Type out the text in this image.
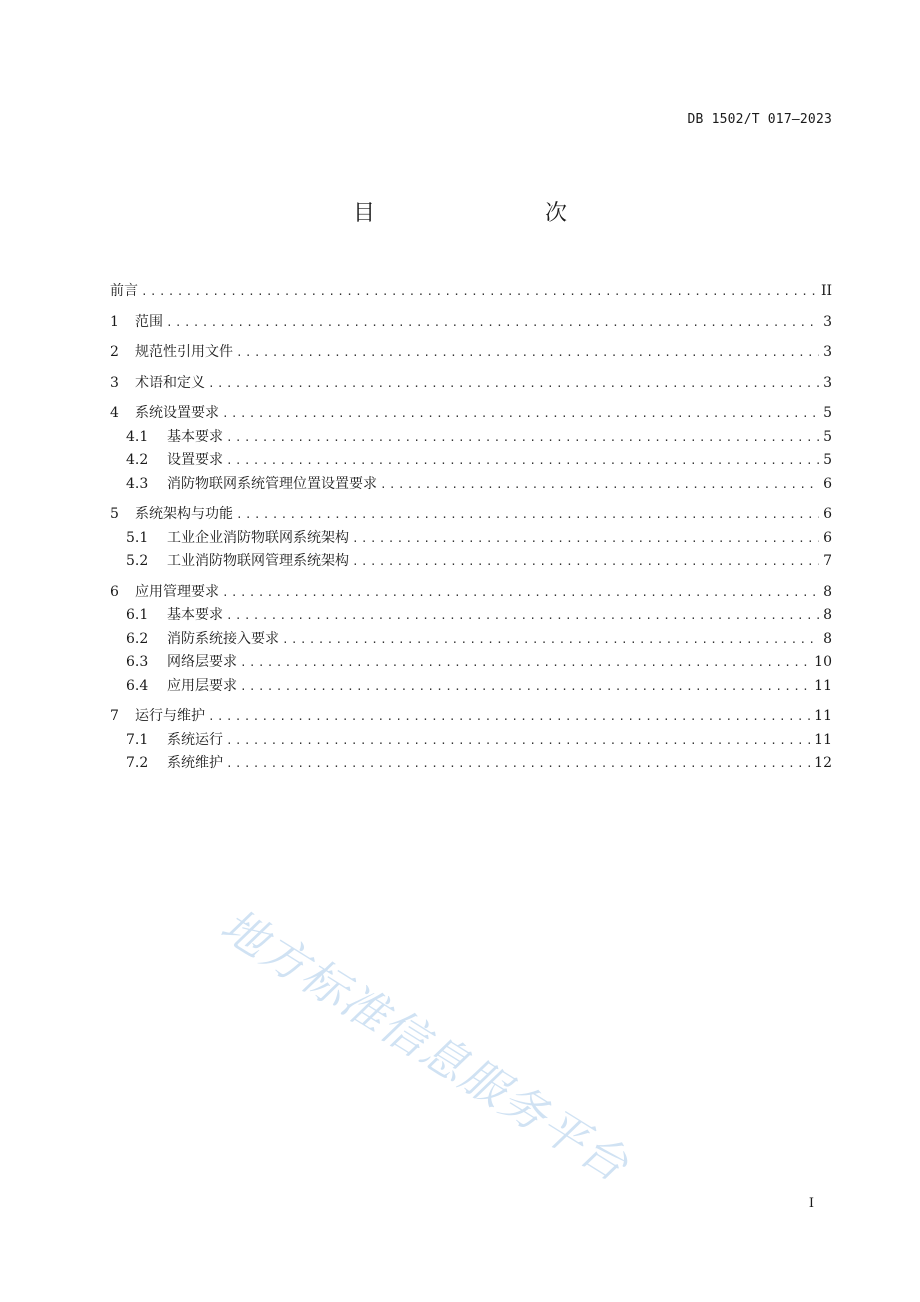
DB 1502/T 017—2023
目　　次
前言 .....	II
1	范围 .....	3
2	规范性引用文件 .....	3
3	术语和定义 .....	3
4	系统设置要求 .....	5
4.1	基本要求 .....	5
4.2	设置要求 .....	5
4.3	消防物联网系统管理位置设置要求 .....	6
5	系统架构与功能 .....	6
5.1	工业企业消防物联网系统架构 .....	6
5.2	工业消防物联网管理系统架构 .....	7
6	应用管理要求 .....	8
6.1	基本要求 .....	8
6.2	消防系统接入要求 .....	8
6.3	网络层要求 .....	10
6.4	应用层要求 .....	11
7	运行与维护 .....	11
7.1	系统运行 .....	11
7.2	系统维护 .....	12
地方标准信息服务平台
I
